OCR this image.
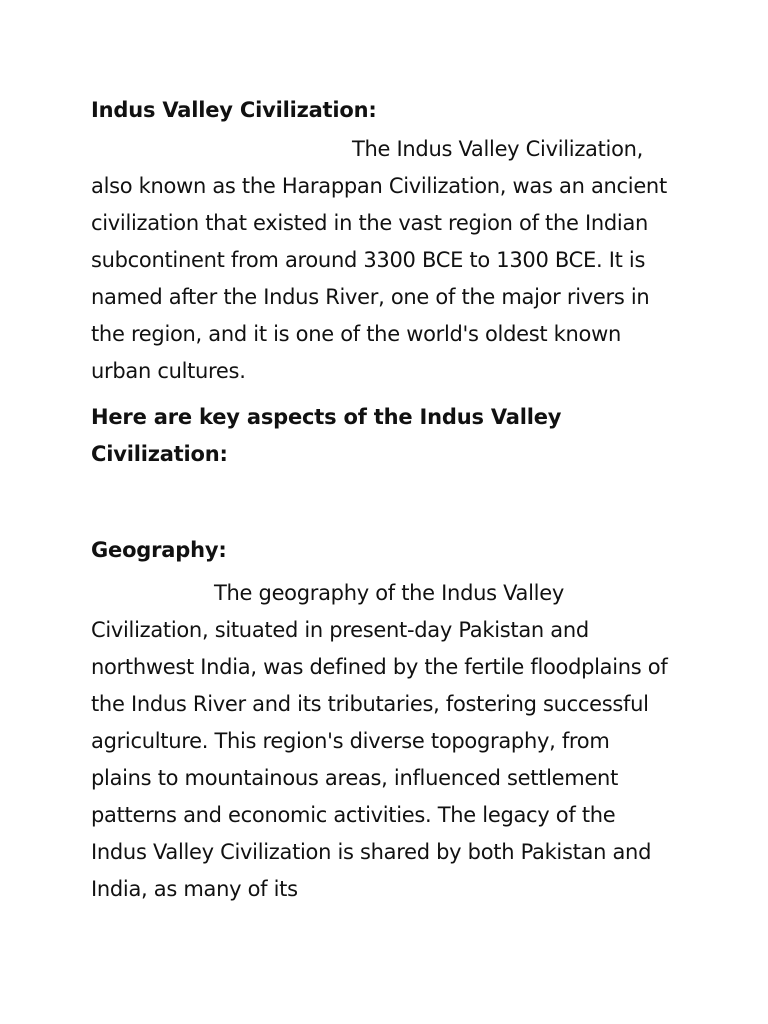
Indus Valley Civilization:

The Indus Valley Civilization, also known as the Harappan Civilization, was an ancient civilization that existed in the vast region of the Indian subcontinent from around 3300 BCE to 1300 BCE. It is named after the Indus River, one of the major rivers in the region, and it is one of the world's oldest known urban cultures.

Here are key aspects of the Indus Valley Civilization:
Geography:

The geography of the Indus Valley Civilization, situated in present-day Pakistan and northwest India, was defined by the fertile floodplains of the Indus River and its tributaries, fostering successful agriculture. This region's diverse topography, from plains to mountainous areas, influenced settlement patterns and economic activities. The legacy of the Indus Valley Civilization is shared by both Pakistan and India, as many of its
